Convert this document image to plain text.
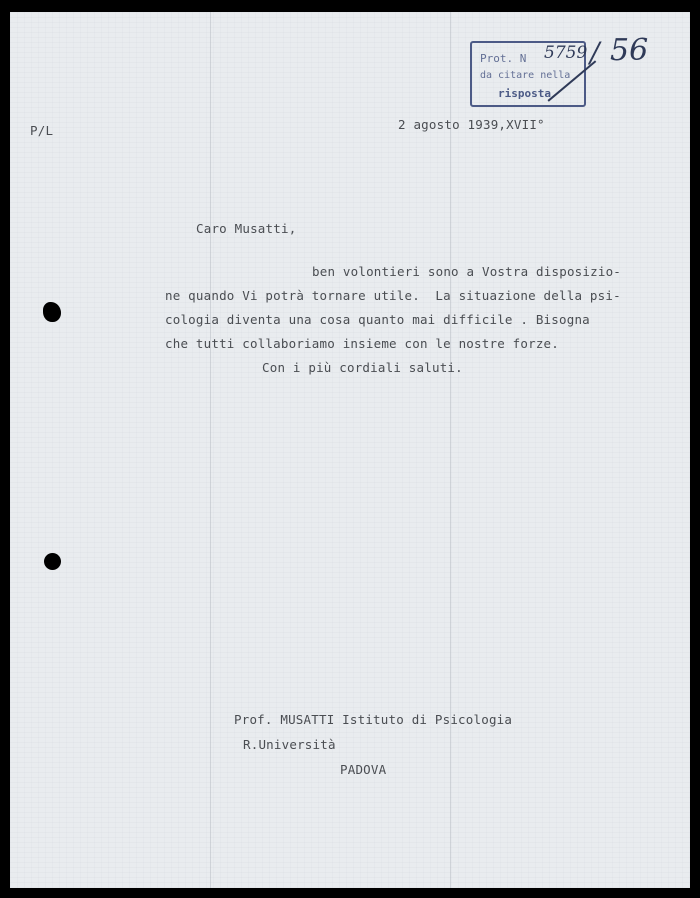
Prot. N
da citare nella
risposta
5759 / 56
P/L	2 agosto 1939,XVII°
Caro Musatti,
ben volontieri sono a Vostra disposizio-
ne quando Vi potrà tornare utile.  La situazione della psi-
cologia diventa una cosa quanto mai difficile . Bisogna
che tutti collaboriamo insieme con le nostre forze.
Con i più cordiali saluti.
Prof. MUSATTI Istituto di Psicologia
R.Università
PADOVA
